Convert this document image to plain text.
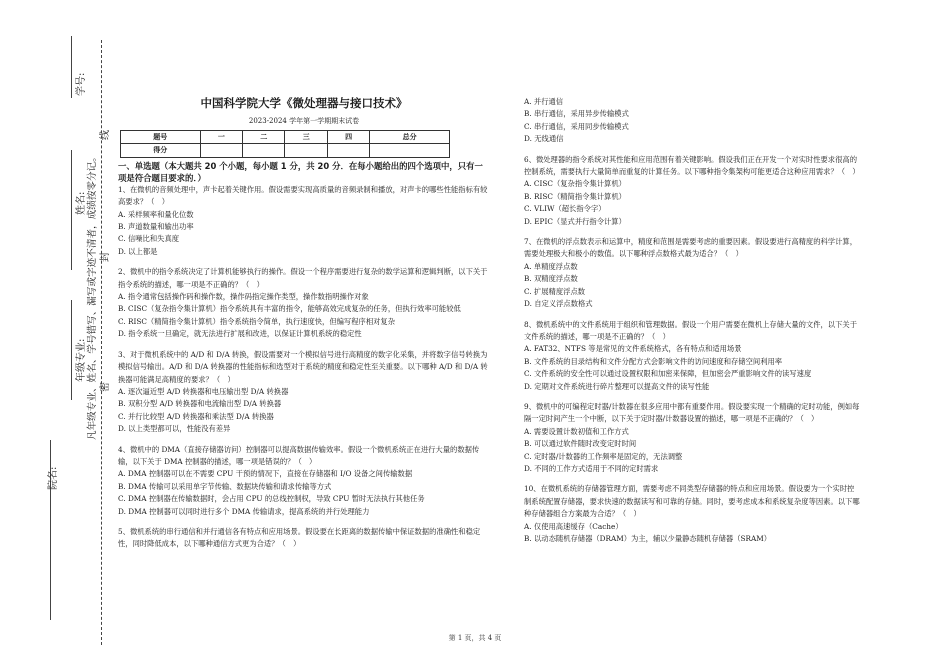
学号:
姓名:
年级专业:
院名:
凡年级专业、姓名、学号错写、漏写或字迹不清者，成绩按零分记。
线
封
密
中国科学院大学《微处理器与接口技术》
2023-2024 学年第一学期期末试卷
题号	一	二	三	四	总分
得分					
一、单选题（本大题共 20 个小题，每小题 1 分，共 20 分．在每小题给出的四个选项中，只有一项是符合题目要求的．）
1、在微机的音频处理中，声卡起着关键作用。假设需要实现高质量的音频录制和播放，对声卡的哪些性能指标有较高要求？（　）
A. 采样频率和量化位数
B. 声道数量和输出功率
C. 信噪比和失真度
D. 以上都是
2、微机中的指令系统决定了计算机能够执行的操作。假设一个程序需要进行复杂的数学运算和逻辑判断，以下关于指令系统的描述，哪一项是不正确的？（　）
A. 指令通常包括操作码和操作数，操作码指定操作类型，操作数指明操作对象
B. CISC（复杂指令集计算机）指令系统具有丰富的指令，能够高效完成复杂的任务，但执行效率可能较低
C. RISC（精简指令集计算机）指令系统指令简单，执行速度快，但编写程序相对复杂
D. 指令系统一旦确定，就无法进行扩展和改进，以保证计算机系统的稳定性
3、对于微机系统中的 A/D 和 D/A 转换，假设需要对一个模拟信号进行高精度的数字化采集，并将数字信号转换为模拟信号输出。A/D 和 D/A 转换器的性能指标和选型对于系统的精度和稳定性至关重要。以下哪种 A/D 和 D/A 转换器可能满足高精度的要求？（　）
A. 逐次逼近型 A/D 转换器和电压输出型 D/A 转换器
B. 双积分型 A/D 转换器和电流输出型 D/A 转换器
C. 并行比较型 A/D 转换器和乘法型 D/A 转换器
D. 以上类型都可以，性能没有差异
4、微机中的 DMA（直接存储器访问）控制器可以提高数据传输效率。假设一个微机系统正在进行大量的数据传输，以下关于 DMA 控制器的描述，哪一项是错误的？（　）
A. DMA 控制器可以在不需要 CPU 干预的情况下，直接在存储器和 I/O 设备之间传输数据
B. DMA 传输可以采用单字节传输、数据块传输和请求传输等方式
C. DMA 控制器在传输数据时，会占用 CPU 的总线控制权，导致 CPU 暂时无法执行其他任务
D. DMA 控制器可以同时进行多个 DMA 传输请求，提高系统的并行处理能力
5、微机系统的串行通信和并行通信各有特点和应用场景。假设要在长距离的数据传输中保证数据的准确性和稳定性，同时降低成本，以下哪种通信方式更为合适？（　）
A. 并行通信
B. 串行通信，采用异步传输模式
C. 串行通信，采用同步传输模式
D. 无线通信
6、微处理器的指令系统对其性能和应用范围有着关键影响。假设我们正在开发一个对实时性要求很高的控制系统，需要执行大量简单而重复的计算任务。以下哪种指令集架构可能更适合这种应用需求？（　）
A. CISC（复杂指令集计算机）
B. RISC（精简指令集计算机）
C. VLIW（超长指令字）
D. EPIC（显式并行指令计算）
7、在微机的浮点数表示和运算中，精度和范围是需要考虑的重要因素。假设要进行高精度的科学计算，需要处理极大和极小的数值。以下哪种浮点数格式最为适合？（　）
A. 单精度浮点数
B. 双精度浮点数
C. 扩展精度浮点数
D. 自定义浮点数格式
8、微机系统中的文件系统用于组织和管理数据。假设一个用户需要在微机上存储大量的文件，以下关于文件系统的描述，哪一项是不正确的？（　）
A. FAT32、NTFS 等是常见的文件系统格式，各有特点和适用场景
B. 文件系统的目录结构和文件分配方式会影响文件的访问速度和存储空间利用率
C. 文件系统的安全性可以通过设置权限和加密来保障，但加密会严重影响文件的读写速度
D. 定期对文件系统进行碎片整理可以提高文件的读写性能
9、微机中的可编程定时器/计数器在很多应用中都有重要作用。假设要实现一个精确的定时功能，例如每隔一定时间产生一个中断，以下关于定时器/计数器设置的描述，哪一项是不正确的？（　）
A. 需要设置计数初值和工作方式
B. 可以通过软件随时改变定时时间
C. 定时器/计数器的工作频率是固定的，无法调整
D. 不同的工作方式适用于不同的定时需求
10、在微机系统的存储器管理方面，需要考虑不同类型存储器的特点和应用场景。假设要为一个实时控制系统配置存储器，要求快速的数据读写和可靠的存储。同时，要考虑成本和系统复杂度等因素。以下哪种存储器组合方案最为合适？（　）
A. 仅使用高速缓存（Cache）
B. 以动态随机存储器（DRAM）为主，辅以少量静态随机存储器（SRAM）
第 1 页，共 4 页
